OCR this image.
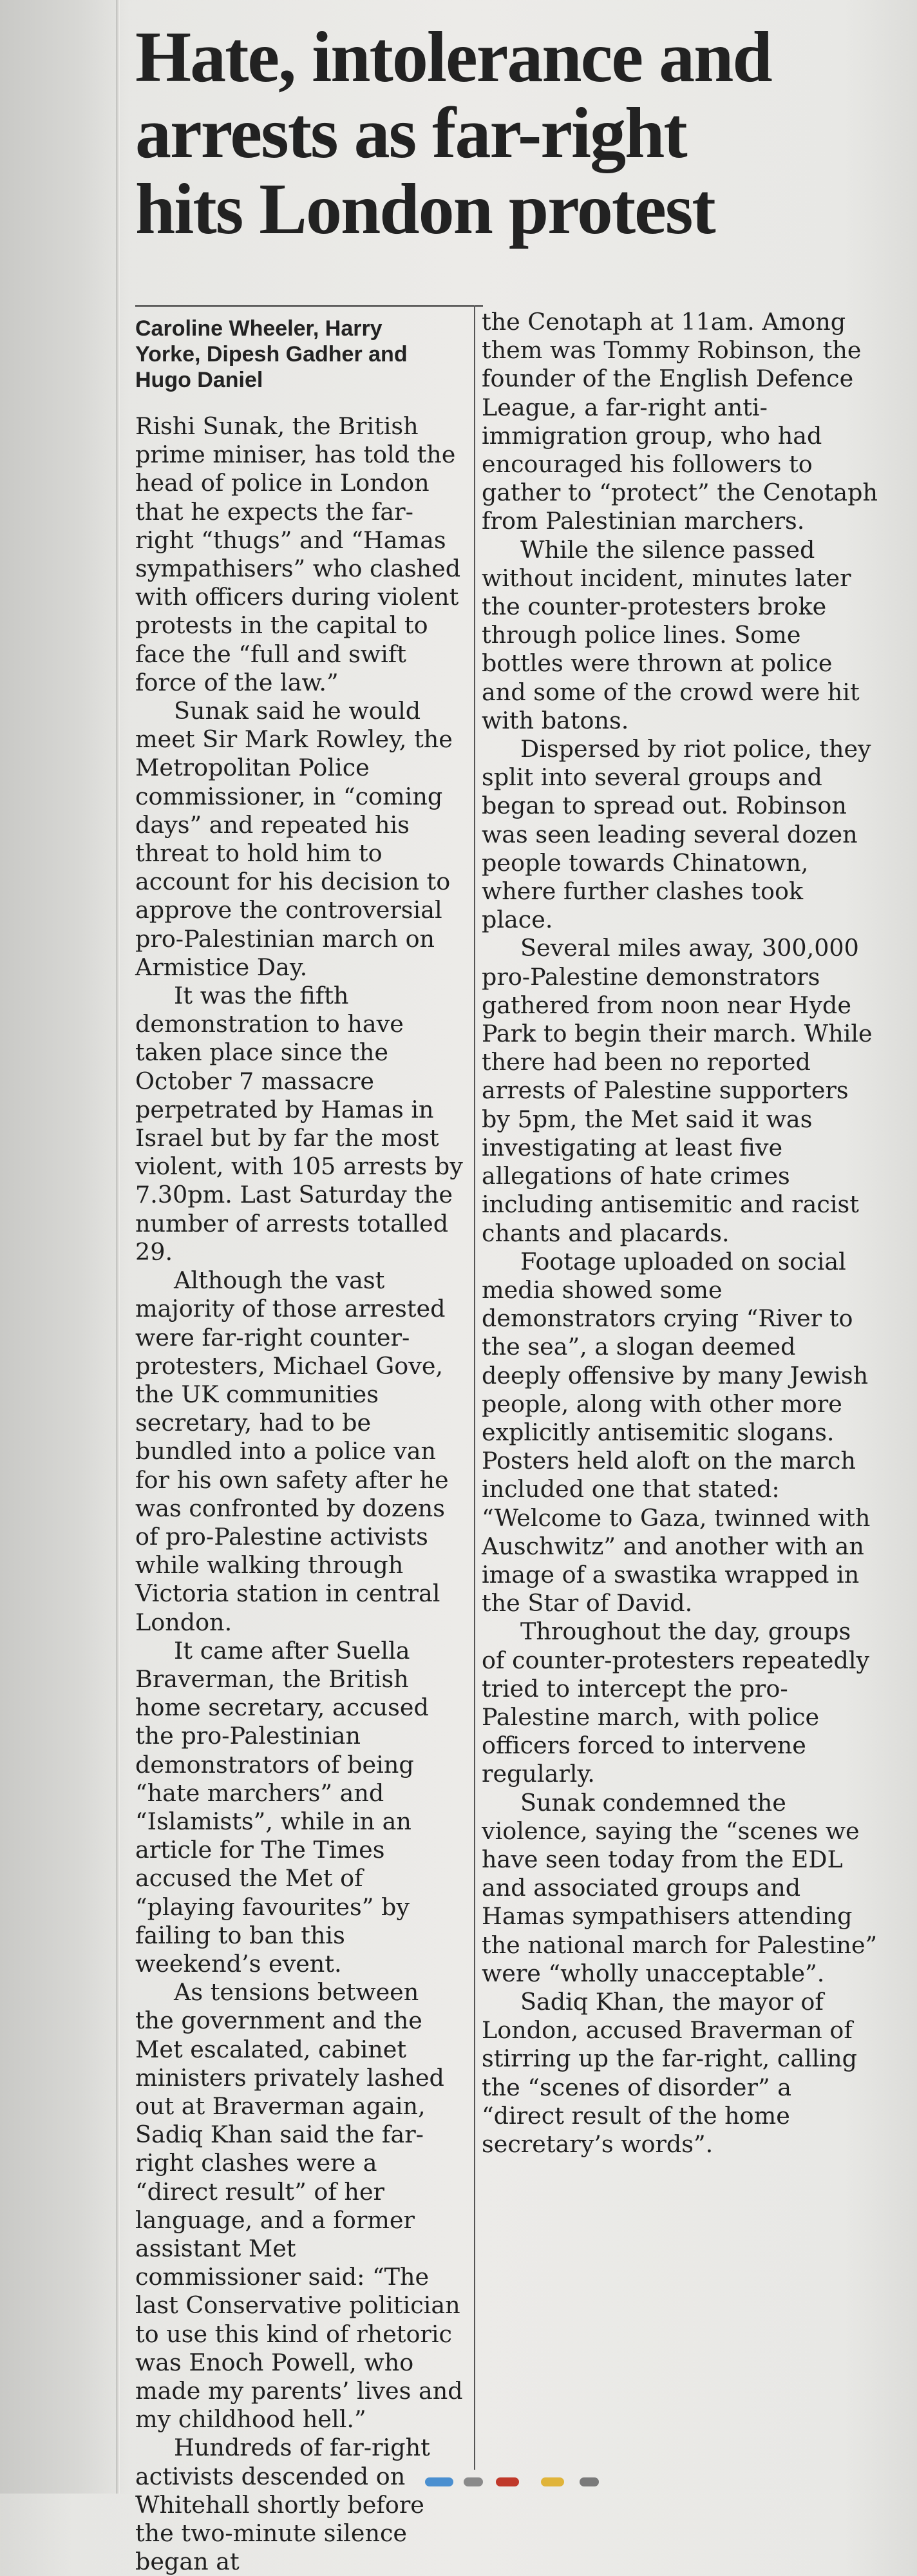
Hate, intolerance and
arrests as far-right
hits London protest
Caroline Wheeler, Harry
Yorke, Dipesh Gadher and
Hugo Daniel

Rishi Sunak, the British prime miniser, has told the head of police in London that he expects the far-right “thugs” and “Hamas sympathisers” who clashed with officers during violent protests in the capital to face the “full and swift force of the law.”

Sunak said he would meet Sir Mark Rowley, the Metropolitan Police commissioner, in “coming days” and repeated his threat to hold him to account for his decision to approve the controversial pro-Palestinian march on Armistice Day.

It was the fifth demonstration to have taken place since the October 7 massacre perpetrated by Hamas in Israel but by far the most violent, with 105 arrests by 7.30pm. Last Saturday the number of arrests totalled 29.

Although the vast majority of those arrested were far-right counter-protesters, Michael Gove, the UK communities secretary, had to be bundled into a police van for his own safety after he was confronted by dozens of pro-Palestine activists while walking through Victoria station in central London.

It came after Suella Braverman, the British home secretary, accused the pro-Palestinian demonstrators of being “hate marchers” and “Islamists”, while in an article for The Times accused the Met of “playing favourites” by failing to ban this weekend’s event.

As tensions between the government and the Met escalated, cabinet ministers privately lashed out at Braverman again, Sadiq Khan said the far-right clashes were a “direct result” of her language, and a former assistant Met commissioner said: “The last Conservative politician to use this kind of rhetoric was Enoch Powell, who made my parents’ lives and my childhood hell.”

Hundreds of far-right activists descended on Whitehall shortly before the two-minute silence began at

the Cenotaph at 11am. Among them was Tommy Robinson, the founder of the English Defence League, a far-right anti-immigration group, who had encouraged his followers to gather to “protect” the Cenotaph from Palestinian marchers.

While the silence passed without incident, minutes later the counter-protesters broke through police lines. Some bottles were thrown at police and some of the crowd were hit with batons.

Dispersed by riot police, they split into several groups and began to spread out. Robinson was seen leading several dozen people towards Chinatown, where further clashes took place.

Several miles away, 300,000 pro-Palestine demonstrators gathered from noon near Hyde Park to begin their march. While there had been no reported arrests of Palestine supporters by 5pm, the Met said it was investigating at least five allegations of hate crimes including antisemitic and racist chants and placards.

Footage uploaded on social media showed some demonstrators crying “River to the sea”, a slogan deemed deeply offensive by many Jewish people, along with other more explicitly antisemitic slogans. Posters held aloft on the march included one that stated: “Welcome to Gaza, twinned with Auschwitz” and another with an image of a swastika wrapped in the Star of David.

Throughout the day, groups of counter-protesters repeatedly tried to intercept the pro-Palestine march, with police officers forced to intervene regularly.

Sunak condemned the violence, saying the “scenes we have seen today from the EDL and associated groups and Hamas sympathisers attending the national march for Palestine” were “wholly unacceptable”.

Sadiq Khan, the mayor of London, accused Braverman of stirring up the far-right, calling the “scenes of disorder” a “direct result of the home secretary’s words”.
